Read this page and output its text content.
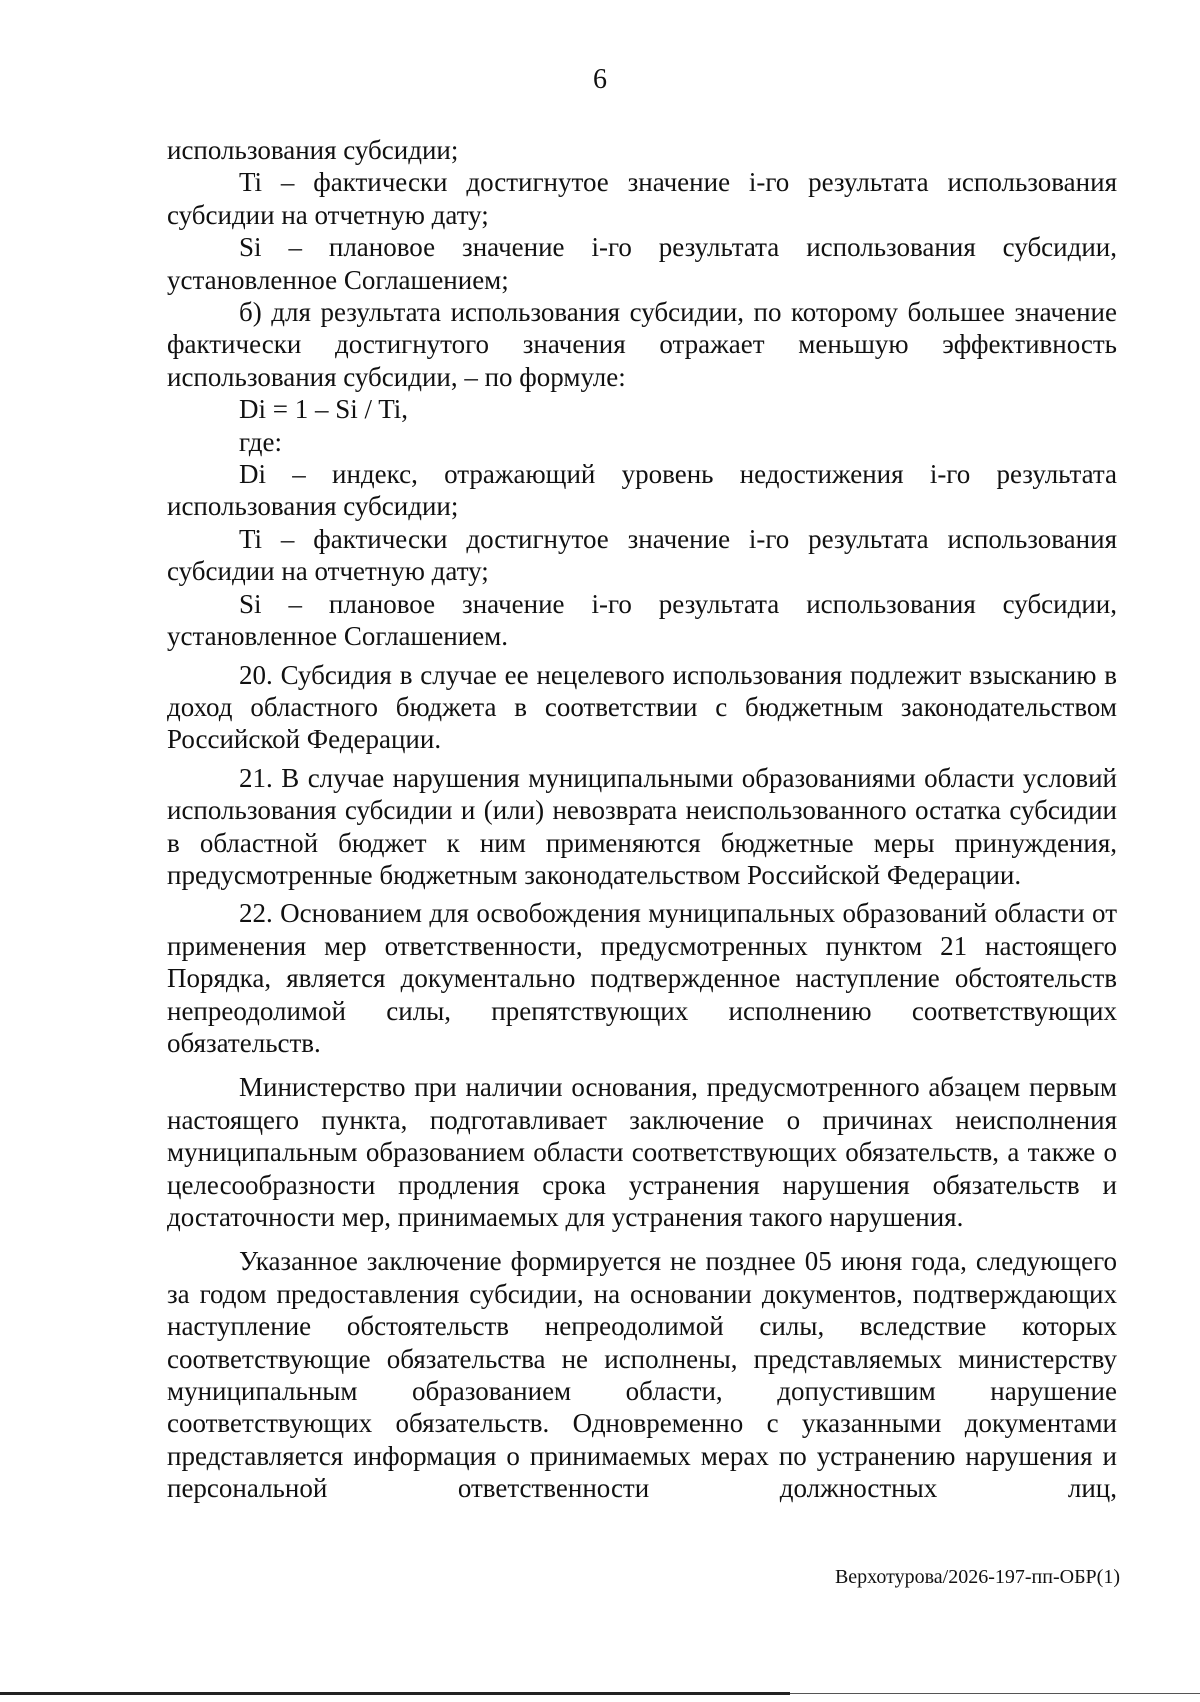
6

использования субсидии;

Ti – фактически достигнутое значение i-го результата использования субсидии на отчетную дату;

Si – плановое значение i-го результата использования субсидии, установленное Соглашением;

б) для результата использования субсидии, по которому большее значение фактически достигнутого значения отражает меньшую эффективность использования субсидии, – по формуле:

Di = 1 – Si / Ti,

где:

Di – индекс, отражающий уровень недостижения i-го результата использования субсидии;

Ti – фактически достигнутое значение i-го результата использования субсидии на отчетную дату;

Si – плановое значение i-го результата использования субсидии, установленное Соглашением.

20. Субсидия в случае ее нецелевого использования подлежит взысканию в доход областного бюджета в соответствии с бюджетным законодательством Российской Федерации.

21. В случае нарушения муниципальными образованиями области условий использования субсидии и (или) невозврата неиспользованного остатка субсидии в областной бюджет к ним применяются бюджетные меры принуждения, предусмотренные бюджетным законодательством Российской Федерации.

22. Основанием для освобождения муниципальных образований области от применения мер ответственности, предусмотренных пунктом 21 настоящего Порядка, является документально подтвержденное наступление обстоятельств непреодолимой силы, препятствующих исполнению соответствующих обязательств.

Министерство при наличии основания, предусмотренного абзацем первым настоящего пункта, подготавливает заключение о причинах неисполнения муниципальным образованием области соответствующих обязательств, а также о целесообразности продления срока устранения нарушения обязательств и достаточности мер, принимаемых для устранения такого нарушения.

Указанное заключение формируется не позднее 05 июня года, следующего за годом предоставления субсидии, на основании документов, подтверждающих наступление обстоятельств непреодолимой силы, вследствие которых соответствующие обязательства не исполнены, представляемых министерству муниципальным образованием области, допустившим нарушение соответствующих обязательств. Одновременно с указанными документами представляется информация о принимаемых мерах по устранению нарушения и персональной ответственности должностных лиц,

Верхотурова/2026-197-пп-ОБР(1)
